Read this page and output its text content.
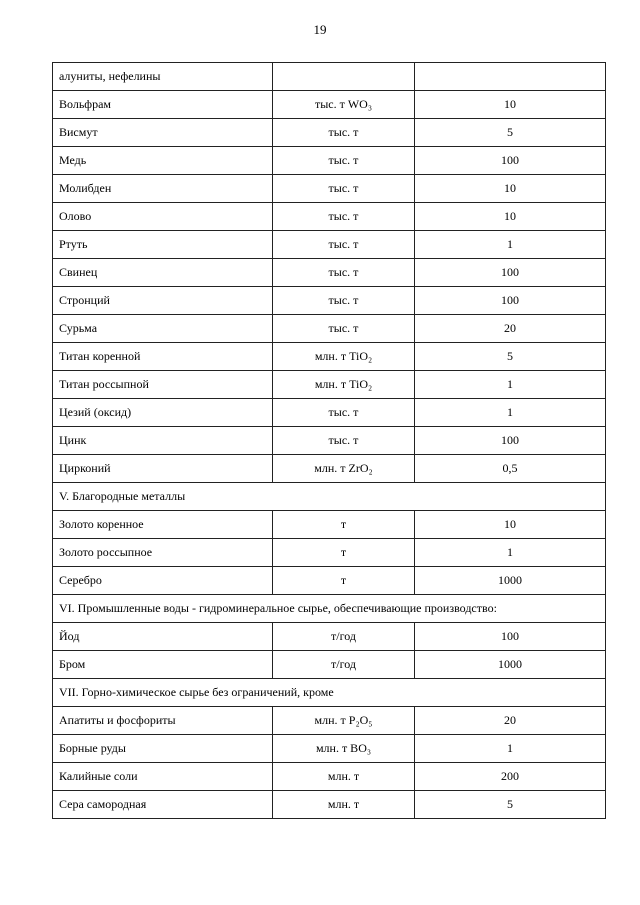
19
алуниты, нефелины		
Вольфрам	тыс. т WO₃	10
Висмут	тыс. т	5
Медь	тыс. т	100
Молибден	тыс. т	10
Олово	тыс. т	10
Ртуть	тыс. т	1
Свинец	тыс. т	100
Стронций	тыс. т	100
Сурьма	тыс. т	20
Титан коренной	млн. т TiO₂	5
Титан россыпной	млн. т TiO₂	1
Цезий (оксид)	тыс. т	1
Цинк	тыс. т	100
Цирконий	млн. т ZrO₂	0,5
V. Благородные металлы		
Золото коренное	т	10
Золото россыпное	т	1
Серебро	т	1000
VI. Промышленные воды - гидроминеральное сырье, обеспечивающие производство:		
Йод	т/год	100
Бром	т/год	1000
VII. Горно-химическое сырье без ограничений, кроме		
Апатиты и фосфориты	млн. т P₂O₅	20
Борные руды	млн. т BO₃	1
Калийные соли	млн. т	200
Сера самородная	млн. т	5
